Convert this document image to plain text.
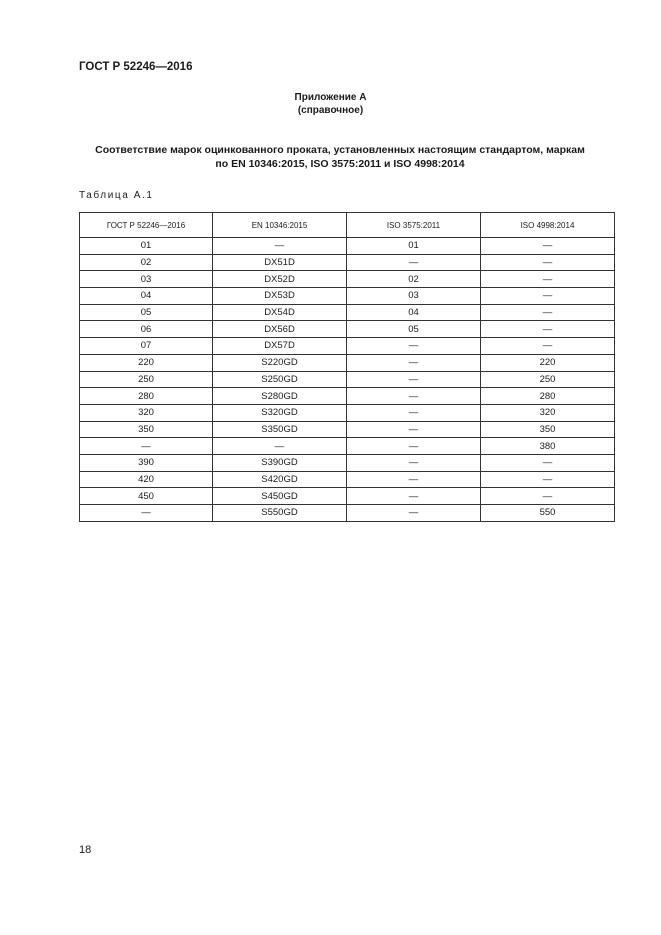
ГОСТ Р 52246—2016
Приложение А
(справочное)
Соответствие марок оцинкованного проката, установленных настоящим стандартом, маркам
по EN 10346:2015, ISO 3575:2011 и ISO 4998:2014
Таблица А.1
ГОСТ Р 52246—2016	EN 10346:2015	ISO 3575:2011	ISO 4998:2014
01	—	01	—
02	DX51D	—	—
03	DX52D	02	—
04	DX53D	03	—
05	DX54D	04	—
06	DX56D	05	—
07	DX57D	—	—
220	S220GD	—	220
250	S250GD	—	250
280	S280GD	—	280
320	S320GD	—	320
350	S350GD	—	350
—	—	—	380
390	S390GD	—	—
420	S420GD	—	—
450	S450GD	—	—
—	S550GD	—	550
18
